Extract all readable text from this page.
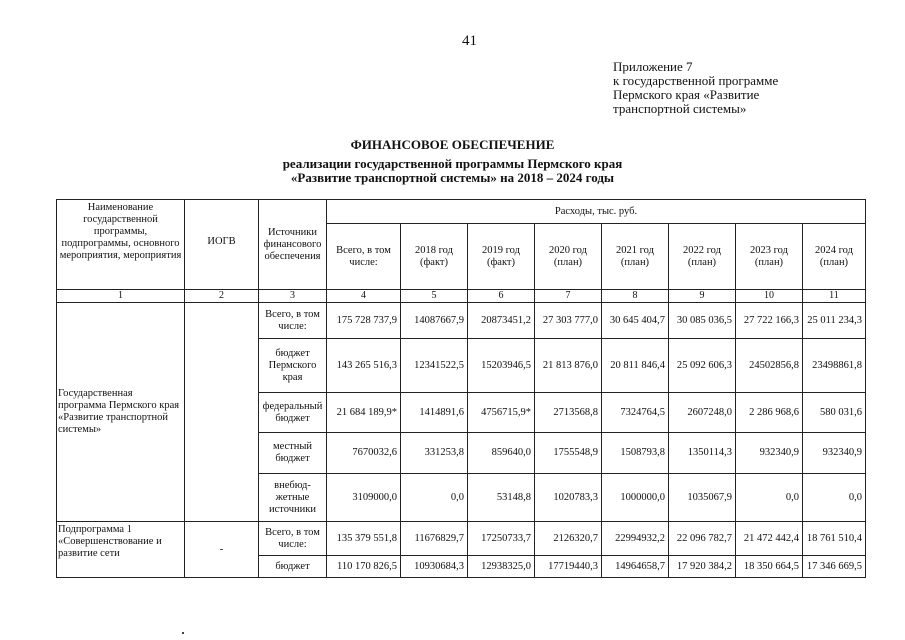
41
Приложение 7
к государственной программе
Пермского края «Развитие
транспортной системы»
ФИНАНСОВОЕ ОБЕСПЕЧЕНИЕ
реализации государственной программы Пермского края
«Развитие транспортной системы» на 2018 – 2024 годы
Наименование государственной программы, подпрограммы, основного мероприятия, мероприятия	ИОГВ	Источники финансового обеспечения	Расходы, тыс. руб.							
			Всего, в том числе:	2018 год (факт)	2019 год (факт)	2020 год (план)	2021 год (план)	2022 год (план)	2023 год (план)	2024 год (план)
1	2	3	4	5	6	7	8	9	10	11
Государственная программа Пермского края «Развитие транспортной системы»		Всего, в том числе:	175 728 737,9	14087667,9	20873451,2	27 303 777,0	30 645 404,7	30 085 036,5	27 722 166,3	25 011 234,3
		бюджет Пермского края	143 265 516,3	12341522,5	15203946,5	21 813 876,0	20 811 846,4	25 092 606,3	24502856,8	23498861,8
		федеральный бюджет	21 684 189,9*	1414891,6	4756715,9*	2713568,8	7324764,5	2607248,0	2 286 968,6	580 031,6
		местный бюджет	7670032,6	331253,8	859640,0	1755548,9	1508793,8	1350114,3	932340,9	932340,9
		внебюд- жетные источники	3109000,0	0,0	53148,8	1020783,3	1000000,0	1035067,9	0,0	0,0
Подпрограмма 1 «Совершенствование и развитие сети	-	Всего, в том числе:	135 379 551,8	11676829,7	17250733,7	2126320,7	22994932,2	22 096 782,7	21 472 442,4	18 761 510,4
		бюджет	110 170 826,5	10930684,3	12938325,0	17719440,3	14964658,7	17 920 384,2	18 350 664,5	17 346 669,5
